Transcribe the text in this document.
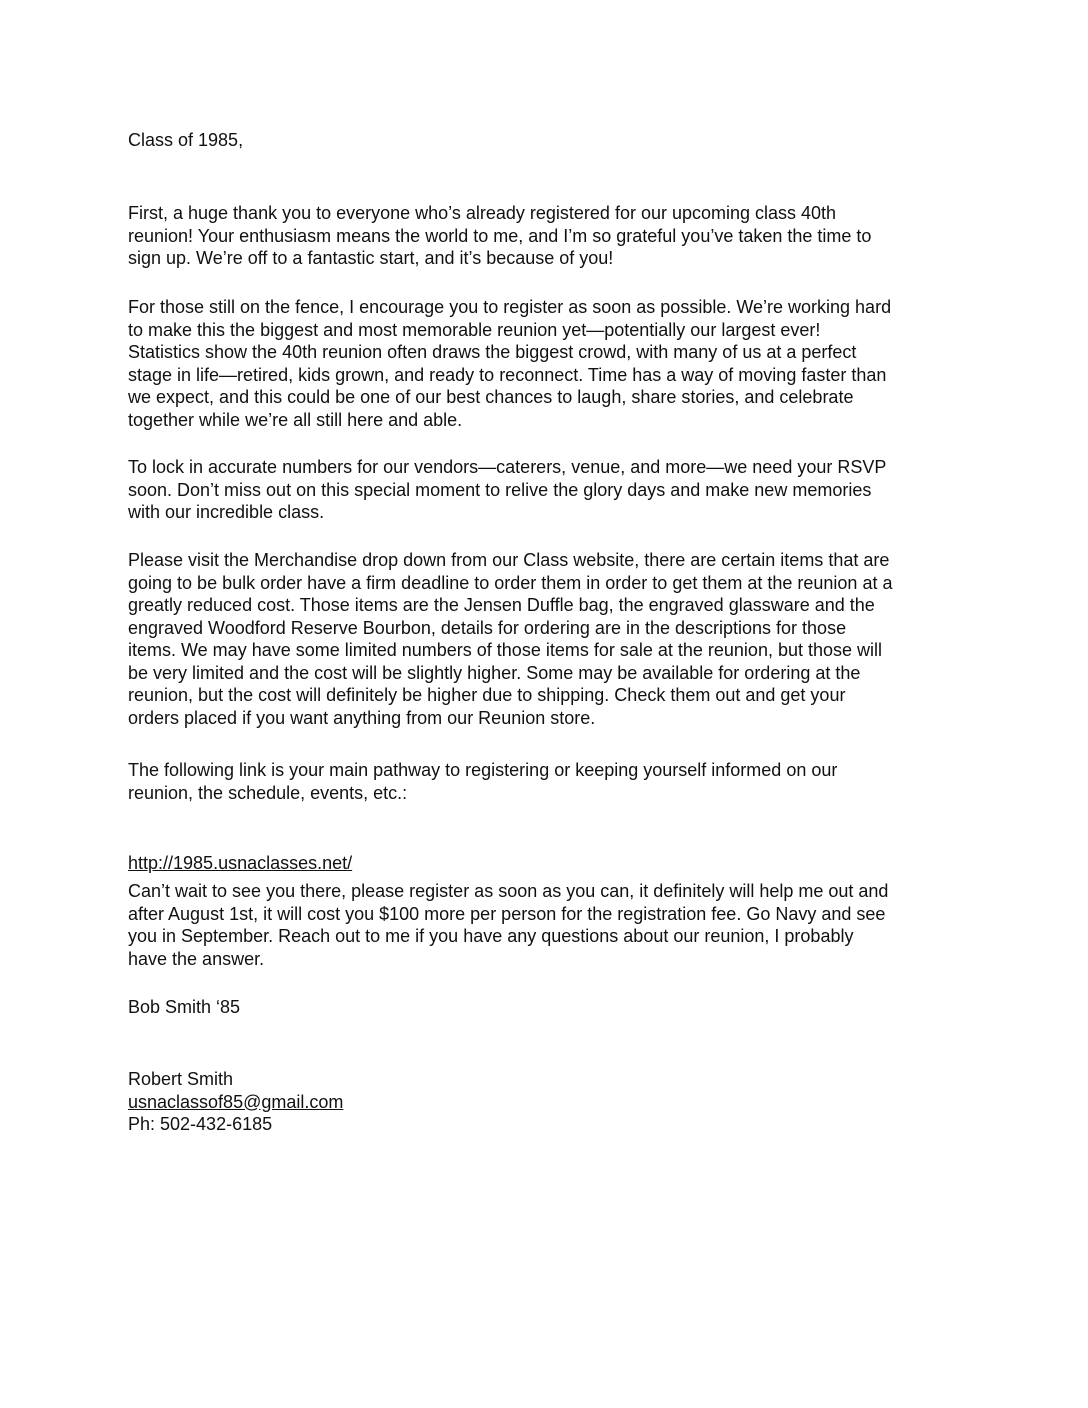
Class of 1985,

First, a huge thank you to everyone who’s already registered for our upcoming class 40th
reunion! Your enthusiasm means the world to me, and I’m so grateful you’ve taken the time to
sign up. We’re off to a fantastic start, and it’s because of you!

For those still on the fence, I encourage you to register as soon as possible. We’re working hard
to make this the biggest and most memorable reunion yet—potentially our largest ever!
Statistics show the 40th reunion often draws the biggest crowd, with many of us at a perfect
stage in life—retired, kids grown, and ready to reconnect. Time has a way of moving faster than
we expect, and this could be one of our best chances to laugh, share stories, and celebrate
together while we’re all still here and able.

To lock in accurate numbers for our vendors—caterers, venue, and more—we need your RSVP
soon. Don’t miss out on this special moment to relive the glory days and make new memories
with our incredible class.

Please visit the Merchandise drop down from our Class website, there are certain items that are
going to be bulk order have a firm deadline to order them in order to get them at the reunion at a
greatly reduced cost. Those items are the Jensen Duffle bag, the engraved glassware and the
engraved Woodford Reserve Bourbon, details for ordering are in the descriptions for those
items. We may have some limited numbers of those items for sale at the reunion, but those will
be very limited and the cost will be slightly higher. Some may be available for ordering at the
reunion, but the cost will definitely be higher due to shipping. Check them out and get your
orders placed if you want anything from our Reunion store.

The following link is your main pathway to registering or keeping yourself informed on our
reunion, the schedule, events, etc.:

http://1985.usnaclasses.net/

Can’t wait to see you there, please register as soon as you can, it definitely will help me out and
after August 1st, it will cost you $100 more per person for the registration fee. Go Navy and see
you in September. Reach out to me if you have any questions about our reunion, I probably
have the answer.

Bob Smith ‘85

Robert Smith
usnaclassof85@gmail.com
Ph: 502-432-6185
